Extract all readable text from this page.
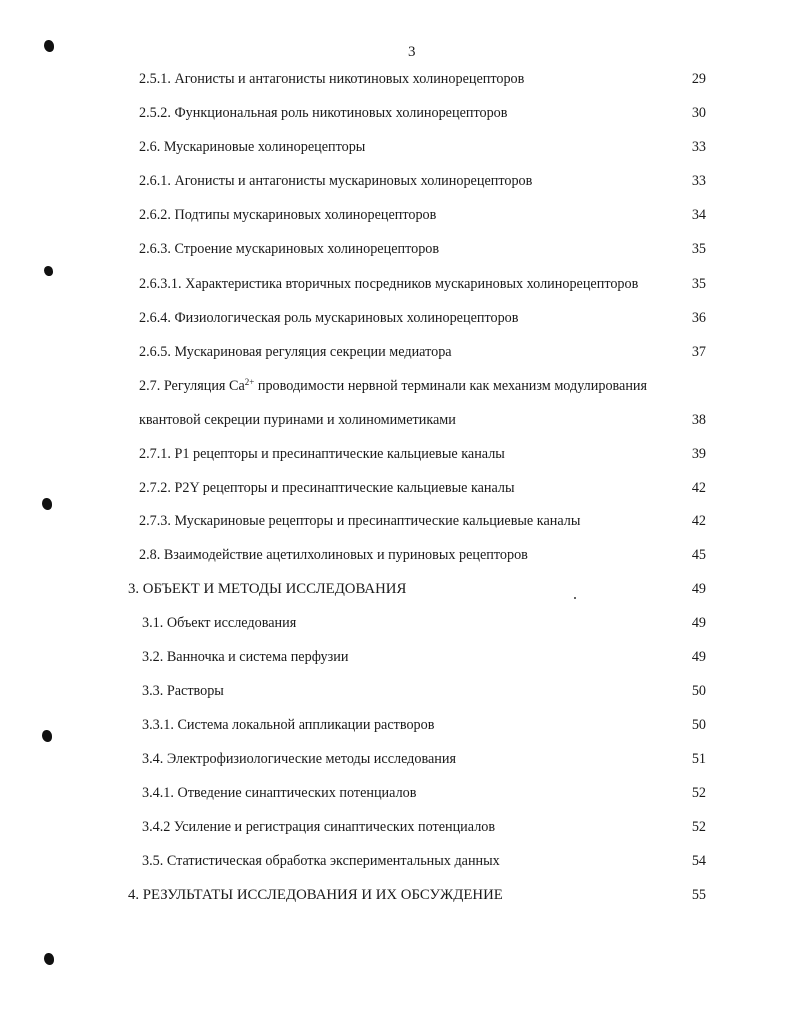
3
2.5.1. Агонисты и антагонисты никотиновых холинорецепторов	29
2.5.2. Функциональная роль никотиновых холинорецепторов	30
2.6. Мускариновые холинорецепторы	33
2.6.1. Агонисты и антагонисты мускариновых холинорецепторов	33
2.6.2. Подтипы мускариновых холинорецепторов	34
2.6.3. Строение мускариновых холинорецепторов	35
2.6.3.1. Характеристика вторичных посредников мускариновых холинорецепторов	35
2.6.4. Физиологическая роль мускариновых холинорецепторов	36
2.6.5. Мускариновая регуляция секреции медиатора	37
2.7. Регуляция $Ca^{2+}$ проводимости нервной терминали как механизм модулирования
квантовой секреции пуринами и холиномиметиками	38
2.7.1. P1 рецепторы и пресинаптические кальциевые каналы	39
2.7.2. P2Y рецепторы и пресинаптические кальциевые каналы	42
2.7.3. Мускариновые рецепторы и пресинаптические кальциевые каналы	42
2.8. Взаимодействие ацетилхолиновых и пуриновых рецепторов	45
3. ОБЪЕКТ И МЕТОДЫ ИССЛЕДОВАНИЯ	49
3.1. Объект исследования	49
3.2. Ванночка и система перфузии	49
3.3. Растворы	50
3.3.1. Система локальной аппликации растворов	50
3.4. Электрофизиологические методы исследования	51
3.4.1. Отведение синаптических потенциалов	52
3.4.2 Усиление и регистрация синаптических потенциалов	52
3.5. Статистическая обработка экспериментальных данных	54
4. РЕЗУЛЬТАТЫ ИССЛЕДОВАНИЯ И ИХ ОБСУЖДЕНИЕ	55
